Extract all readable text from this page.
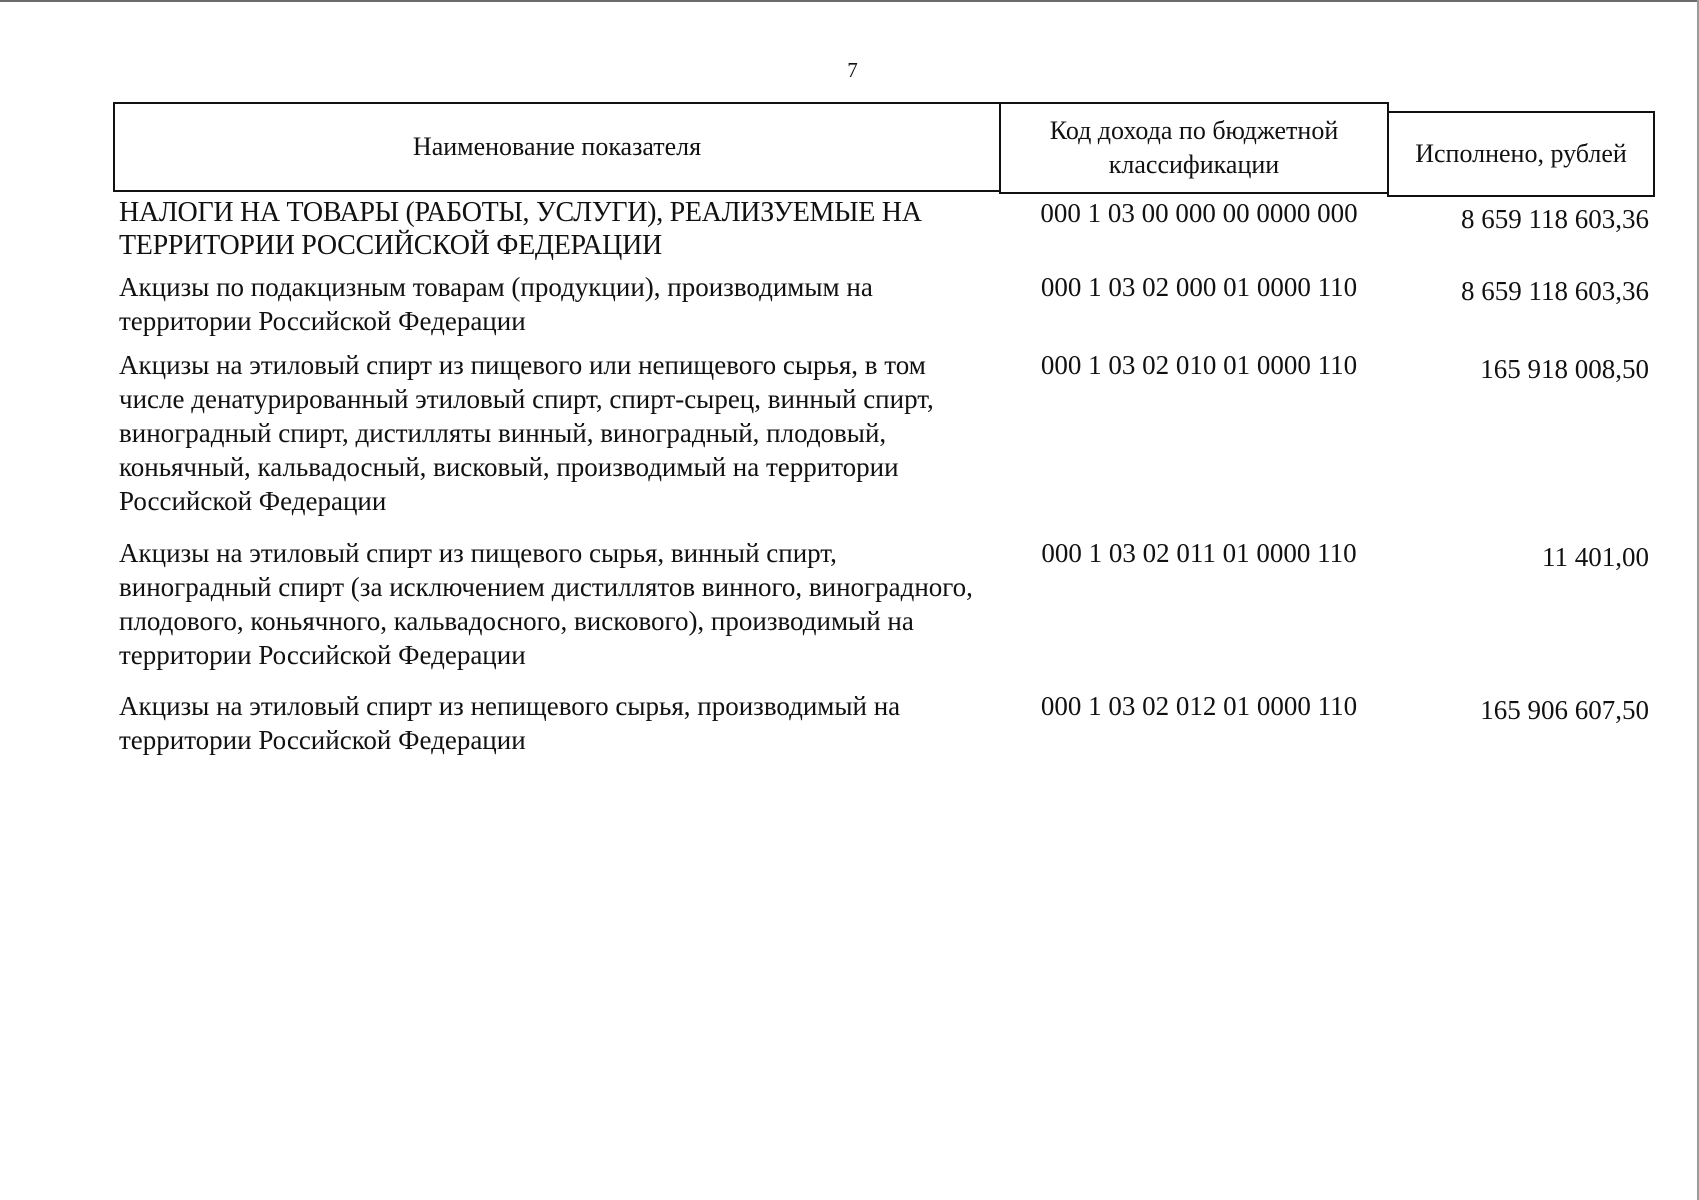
7
Наименование показателя
Код дохода по бюджетной классификации	Исполнено, рублей
НАЛОГИ НА ТОВАРЫ (РАБОТЫ, УСЛУГИ), РЕАЛИЗУЕМЫЕ НА ТЕРРИТОРИИ РОССИЙСКОЙ ФЕДЕРАЦИИ
000 1 03 00 000 00 0000 000	8 659 118 603,36
Акцизы по подакцизным товарам (продукции), производимым на территории Российской Федерации
000 1 03 02 000 01 0000 110	8 659 118 603,36
Акцизы на этиловый спирт из пищевого или непищевого сырья, в том числе денатурированный этиловый спирт, спирт-сырец, винный спирт, виноградный спирт, дистилляты винный, виноградный, плодовый, коньячный, кальвадосный, висковый, производимый на территории Российской Федерации
000 1 03 02 010 01 0000 110	165 918 008,50
Акцизы на этиловый спирт из пищевого сырья, винный спирт, виноградный спирт (за исключением дистиллятов винного, виноградного, плодового, коньячного, кальвадосного, вискового), производимый на территории Российской Федерации
000 1 03 02 011 01 0000 110	11 401,00
Акцизы на этиловый спирт из непищевого сырья, производимый на территории Российской Федерации
000 1 03 02 012 01 0000 110	165 906 607,50
